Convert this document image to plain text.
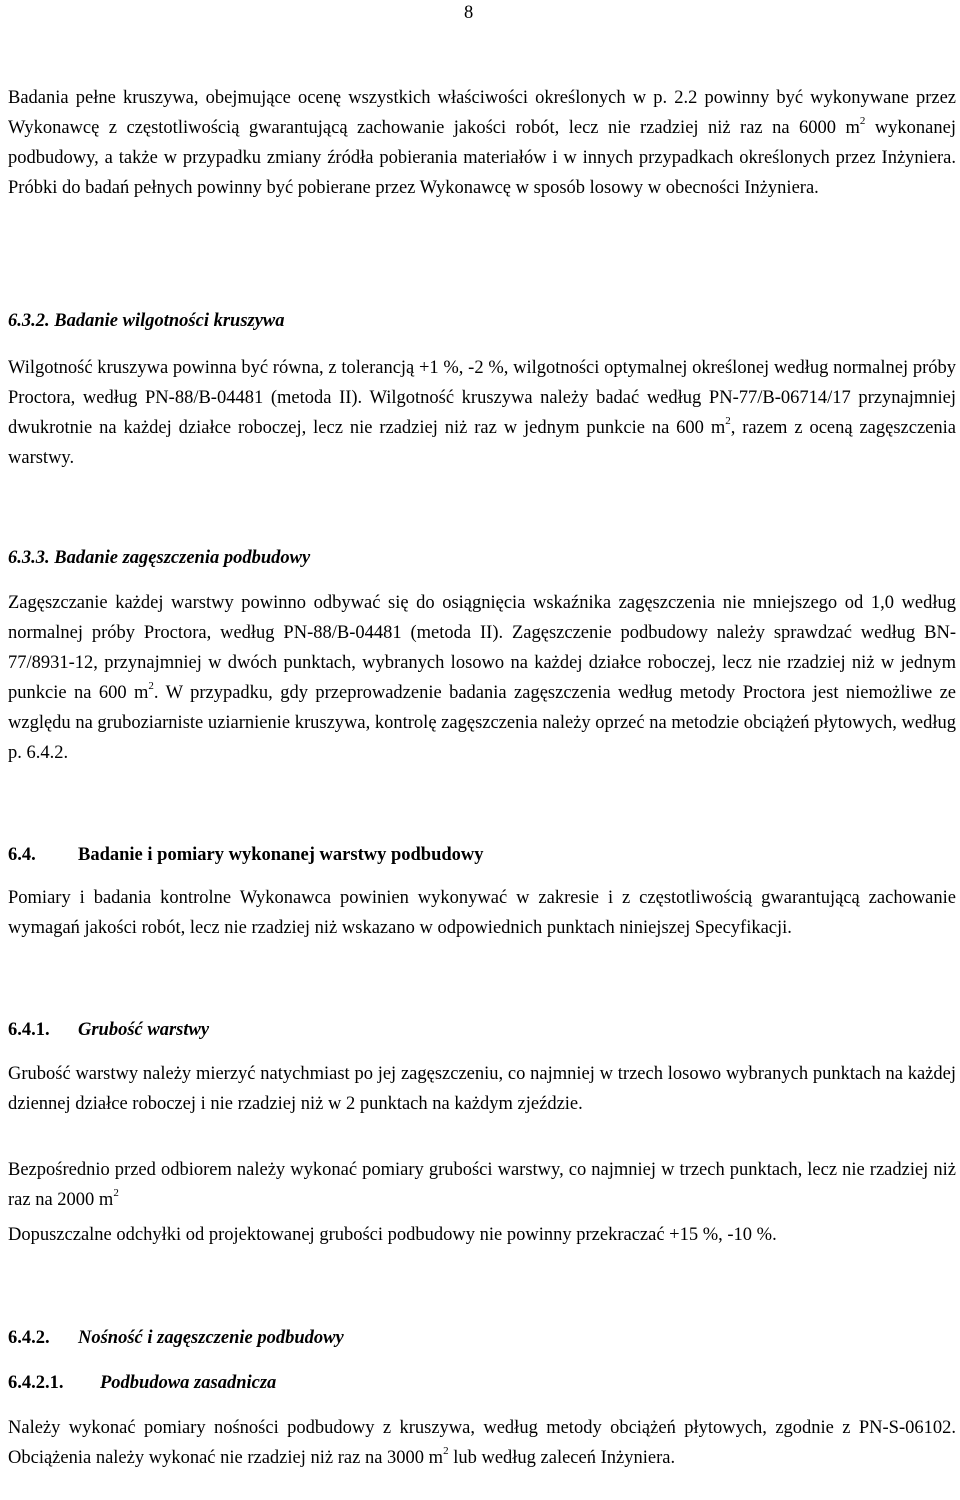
8

Badania pełne kruszywa, obejmujące ocenę wszystkich właściwości określonych w p. 2.2 powinny być wykonywane przez Wykonawcę z częstotliwością gwarantującą zachowanie jakości robót, lecz nie rzadziej niż raz na 6000 $m^2$ wykonanej podbudowy, a także w przypadku zmiany źródła pobierania materiałów i w innych przypadkach określonych przez Inżyniera. Próbki do badań pełnych powinny być pobierane przez Wykonawcę w sposób losowy w obecności Inżyniera.

6.3.2. Badanie wilgotności kruszywa

Wilgotność kruszywa powinna być równa, z tolerancją +1 %, -2 %, wilgotności optymalnej określonej według normalnej próby Proctora, według PN-88/B-04481 (metoda II). Wilgotność kruszywa należy badać według PN-77/B-06714/17 przynajmniej dwukrotnie na każdej działce roboczej, lecz nie rzadziej niż raz w jednym punkcie na 600 $m^2$, razem z oceną zagęszczenia warstwy.

6.3.3. Badanie zagęszczenia podbudowy

Zagęszczanie każdej warstwy powinno odbywać się do osiągnięcia wskaźnika zagęszczenia nie mniejszego od 1,0 według normalnej próby Proctora, według PN-88/B-04481 (metoda II). Zagęszczenie podbudowy należy sprawdzać według BN-77/8931-12, przynajmniej w dwóch punktach, wybranych losowo na każdej działce roboczej, lecz nie rzadziej niż w jednym punkcie na 600 $m^2$. W przypadku, gdy przeprowadzenie badania zagęszczenia według metody Proctora jest niemożliwe ze względu na gruboziarniste uziarnienie kruszywa, kontrolę zagęszczenia należy oprzeć na metodzie obciążeń płytowych, według p. 6.4.2.

6.4. Badanie i pomiary wykonanej warstwy podbudowy

Pomiary i badania kontrolne Wykonawca powinien wykonywać w zakresie i z częstotliwością gwarantującą zachowanie wymagań jakości robót, lecz nie rzadziej niż wskazano w odpowiednich punktach niniejszej Specyfikacji.

6.4.1. Grubość warstwy

Grubość warstwy należy mierzyć natychmiast po jej zagęszczeniu, co najmniej w trzech losowo wybranych punktach na każdej dziennej działce roboczej i nie rzadziej niż w 2 punktach na każdym zjeździe.

Bezpośrednio przed odbiorem należy wykonać pomiary grubości warstwy, co najmniej w trzech punktach, lecz nie rzadziej niż raz na 2000 $m^2$

Dopuszczalne odchyłki od projektowanej grubości podbudowy nie powinny przekraczać +15 %, -10 %.

6.4.2. Nośność i zagęszczenie podbudowy
6.4.2.1. Podbudowa zasadnicza

Należy wykonać pomiary nośności podbudowy z kruszywa, według metody obciążeń płytowych, zgodnie z PN-S-06102. Obciążenia należy wykonać nie rzadziej niż raz na 3000 $m^2$ lub według zaleceń Inżyniera.
